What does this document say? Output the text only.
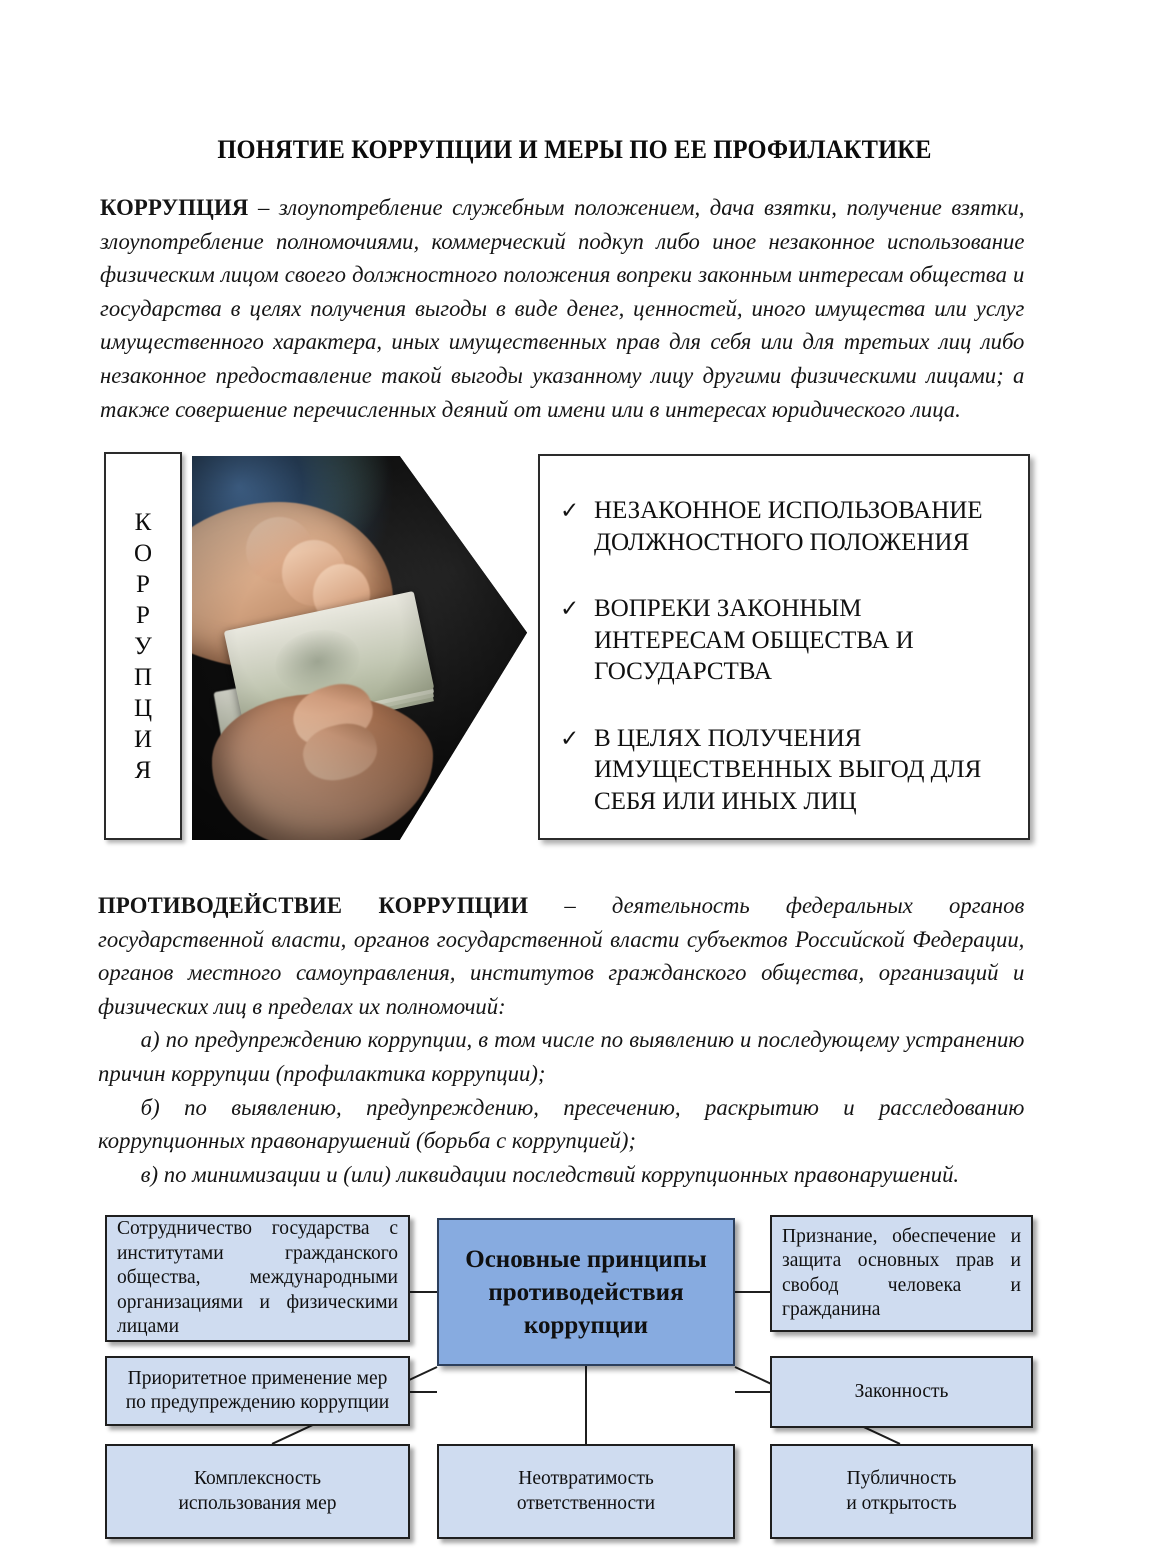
ПОНЯТИЕ КОРРУПЦИИ И МЕРЫ ПО ЕЕ ПРОФИЛАКТИКЕ
КОРРУПЦИЯ – злоупотребление служебным положением, дача взятки, получение взятки, злоупотребление полномочиями, коммерческий подкуп либо иное незаконное использование физическим лицом своего должностного положения вопреки законным интересам общества и государства в целях получения выгоды в виде денег, ценностей, иного имущества или услуг имущественного характера, иных имущественных прав для себя или для третьих лиц либо незаконное предоставление такой выгоды указанному лицу другими физическими лицами; а также совершение перечисленных деяний от имени или в интересах юридического лица.
К
О
Р
Р
У
П
Ц
И
Я
✓ НЕЗАКОННОЕ ИСПОЛЬЗОВАНИЕ ДОЛЖНОСТНОГО ПОЛОЖЕНИЯ
✓ ВОПРЕКИ ЗАКОННЫМ ИНТЕРЕСАМ ОБЩЕСТВА И ГОСУДАРСТВА
✓ В ЦЕЛЯХ ПОЛУЧЕНИЯ ИМУЩЕСТВЕННЫХ ВЫГОД ДЛЯ СЕБЯ ИЛИ ИНЫХ ЛИЦ
ПРОТИВОДЕЙСТВИЕ КОРРУПЦИИ – деятельность федеральных органов государственной власти, органов государственной власти субъектов Российской Федерации, органов местного самоуправления, институтов гражданского общества, организаций и физических лиц в пределах их полномочий:
а) по предупреждению коррупции, в том числе по выявлению и последующему устранению причин коррупции (профилактика коррупции);
б) по выявлению, предупреждению, пресечению, раскрытию и расследованию коррупционных правонарушений (борьба с коррупцией);
в) по минимизации и (или) ликвидации последствий коррупционных правонарушений.
Сотрудничество государства с институтами гражданского общества, международными организациями и физическими лицами
Основные принципы противодействия коррупции
Признание, обеспечение и защита основных прав и свобод человека и гражданина
Приоритетное применение мер по предупреждению коррупции
Законность
Комплексность
использования мер
Неотвратимость
ответственности
Публичность
и открытость
